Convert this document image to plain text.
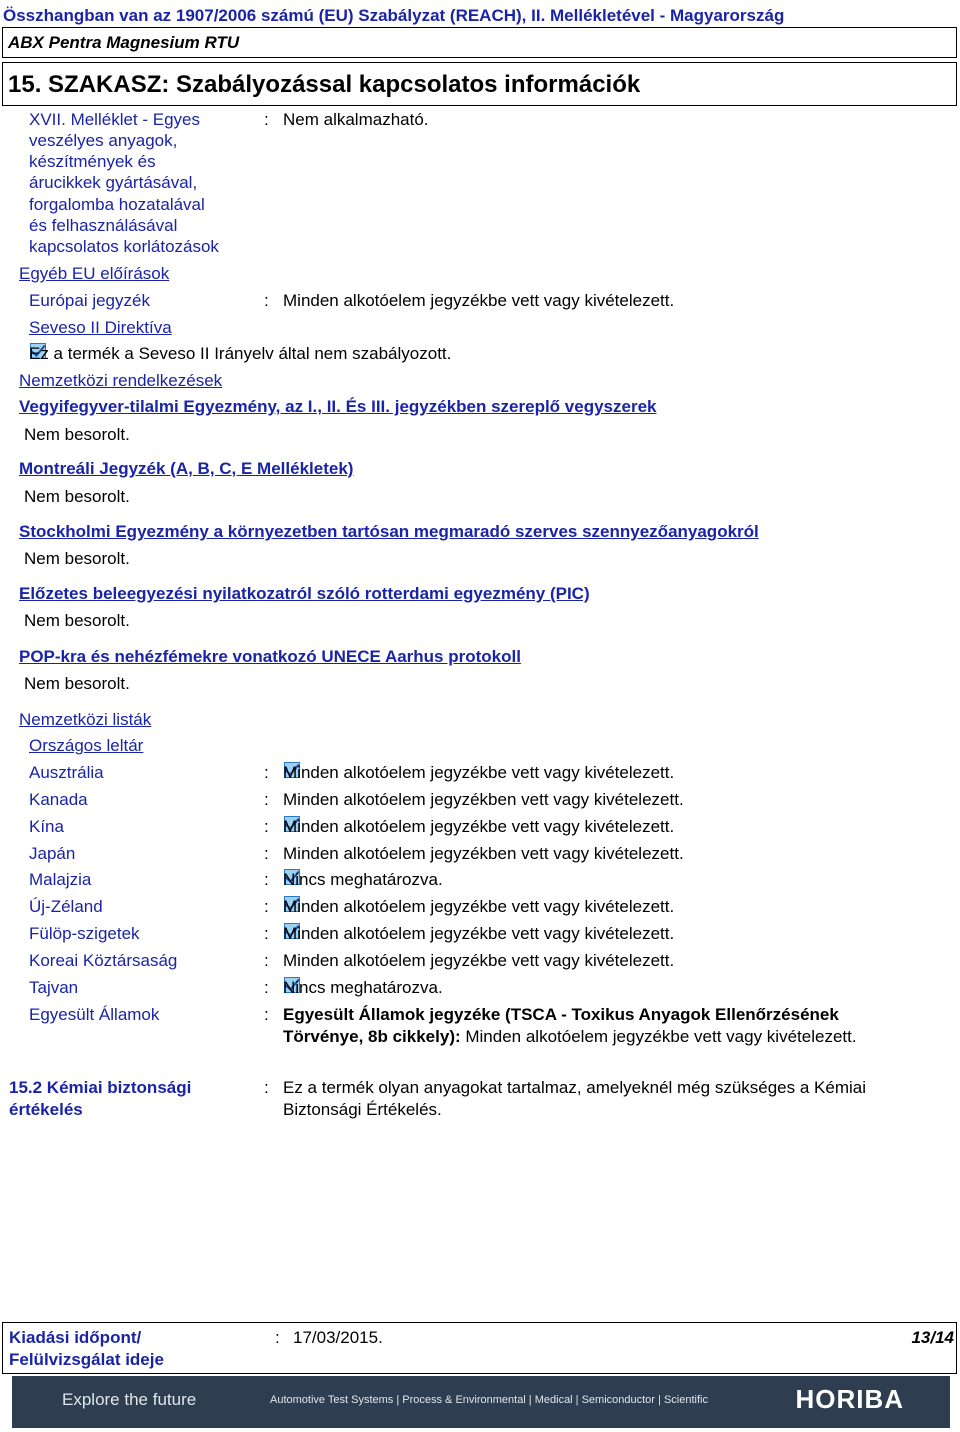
Összhangban van az 1907/2006 számú (EU) Szabályzat (REACH), II. Mellékletével - Magyarország
ABX Pentra Magnesium RTU
15. SZAKASZ: Szabályozással kapcsolatos információk
XVII. Melléklet - Egyes
veszélyes anyagok,
készítmények és
árucikkek gyártásával,
forgalomba hozatalával
és felhasználásával
kapcsolatos korlátozások
: Nem alkalmazható.
Egyéb EU előírások
Európai jegyzék	: Minden alkotóelem jegyzékbe vett vagy kivételezett.
Seveso II Direktíva
Ez a termék a Seveso II Irányelv által nem szabályozott.
Nemzetközi rendelkezések
Vegyifegyver-tilalmi Egyezmény, az I., II. És III. jegyzékben szereplő vegyszerek
Nem besorolt.
Montreáli Jegyzék (A, B, C, E Mellékletek)
Nem besorolt.
Stockholmi Egyezmény a környezetben tartósan megmaradó szerves szennyezőanyagokról
Nem besorolt.
Előzetes beleegyezési nyilatkozatról szóló rotterdami egyezmény (PIC)
Nem besorolt.
POP-kra és nehézfémekre vonatkozó UNECE Aarhus protokoll
Nem besorolt.
Nemzetközi listák
Országos leltár
Ausztrália	: Minden alkotóelem jegyzékbe vett vagy kivételezett.
Kanada	: Minden alkotóelem jegyzékben vett vagy kivételezett.
Kína	: Minden alkotóelem jegyzékbe vett vagy kivételezett.
Japán	: Minden alkotóelem jegyzékben vett vagy kivételezett.
Malajzia	: Nincs meghatározva.
Új-Zéland	: Minden alkotóelem jegyzékbe vett vagy kivételezett.
Fülöp-szigetek	: Minden alkotóelem jegyzékbe vett vagy kivételezett.
Koreai Köztársaság	: Minden alkotóelem jegyzékbe vett vagy kivételezett.
Tajvan	: Nincs meghatározva.
Egyesült Államok	: Egyesült Államok jegyzéke (TSCA - Toxikus Anyagok Ellenőrzésének
Törvénye, 8b cikkely): Minden alkotóelem jegyzékbe vett vagy kivételezett.
15.2 Kémiai biztonsági
értékelés
: Ez a termék olyan anyagokat tartalmaz, amelyeknél még szükséges a Kémiai
Biztonsági Értékelés.
Kiadási időpont/
Felülvizsgálat ideje
: 17/03/2015.	13/14
Explore the future	Automotive Test Systems | Process & Environmental | Medical | Semiconductor | Scientific	HORIBA
